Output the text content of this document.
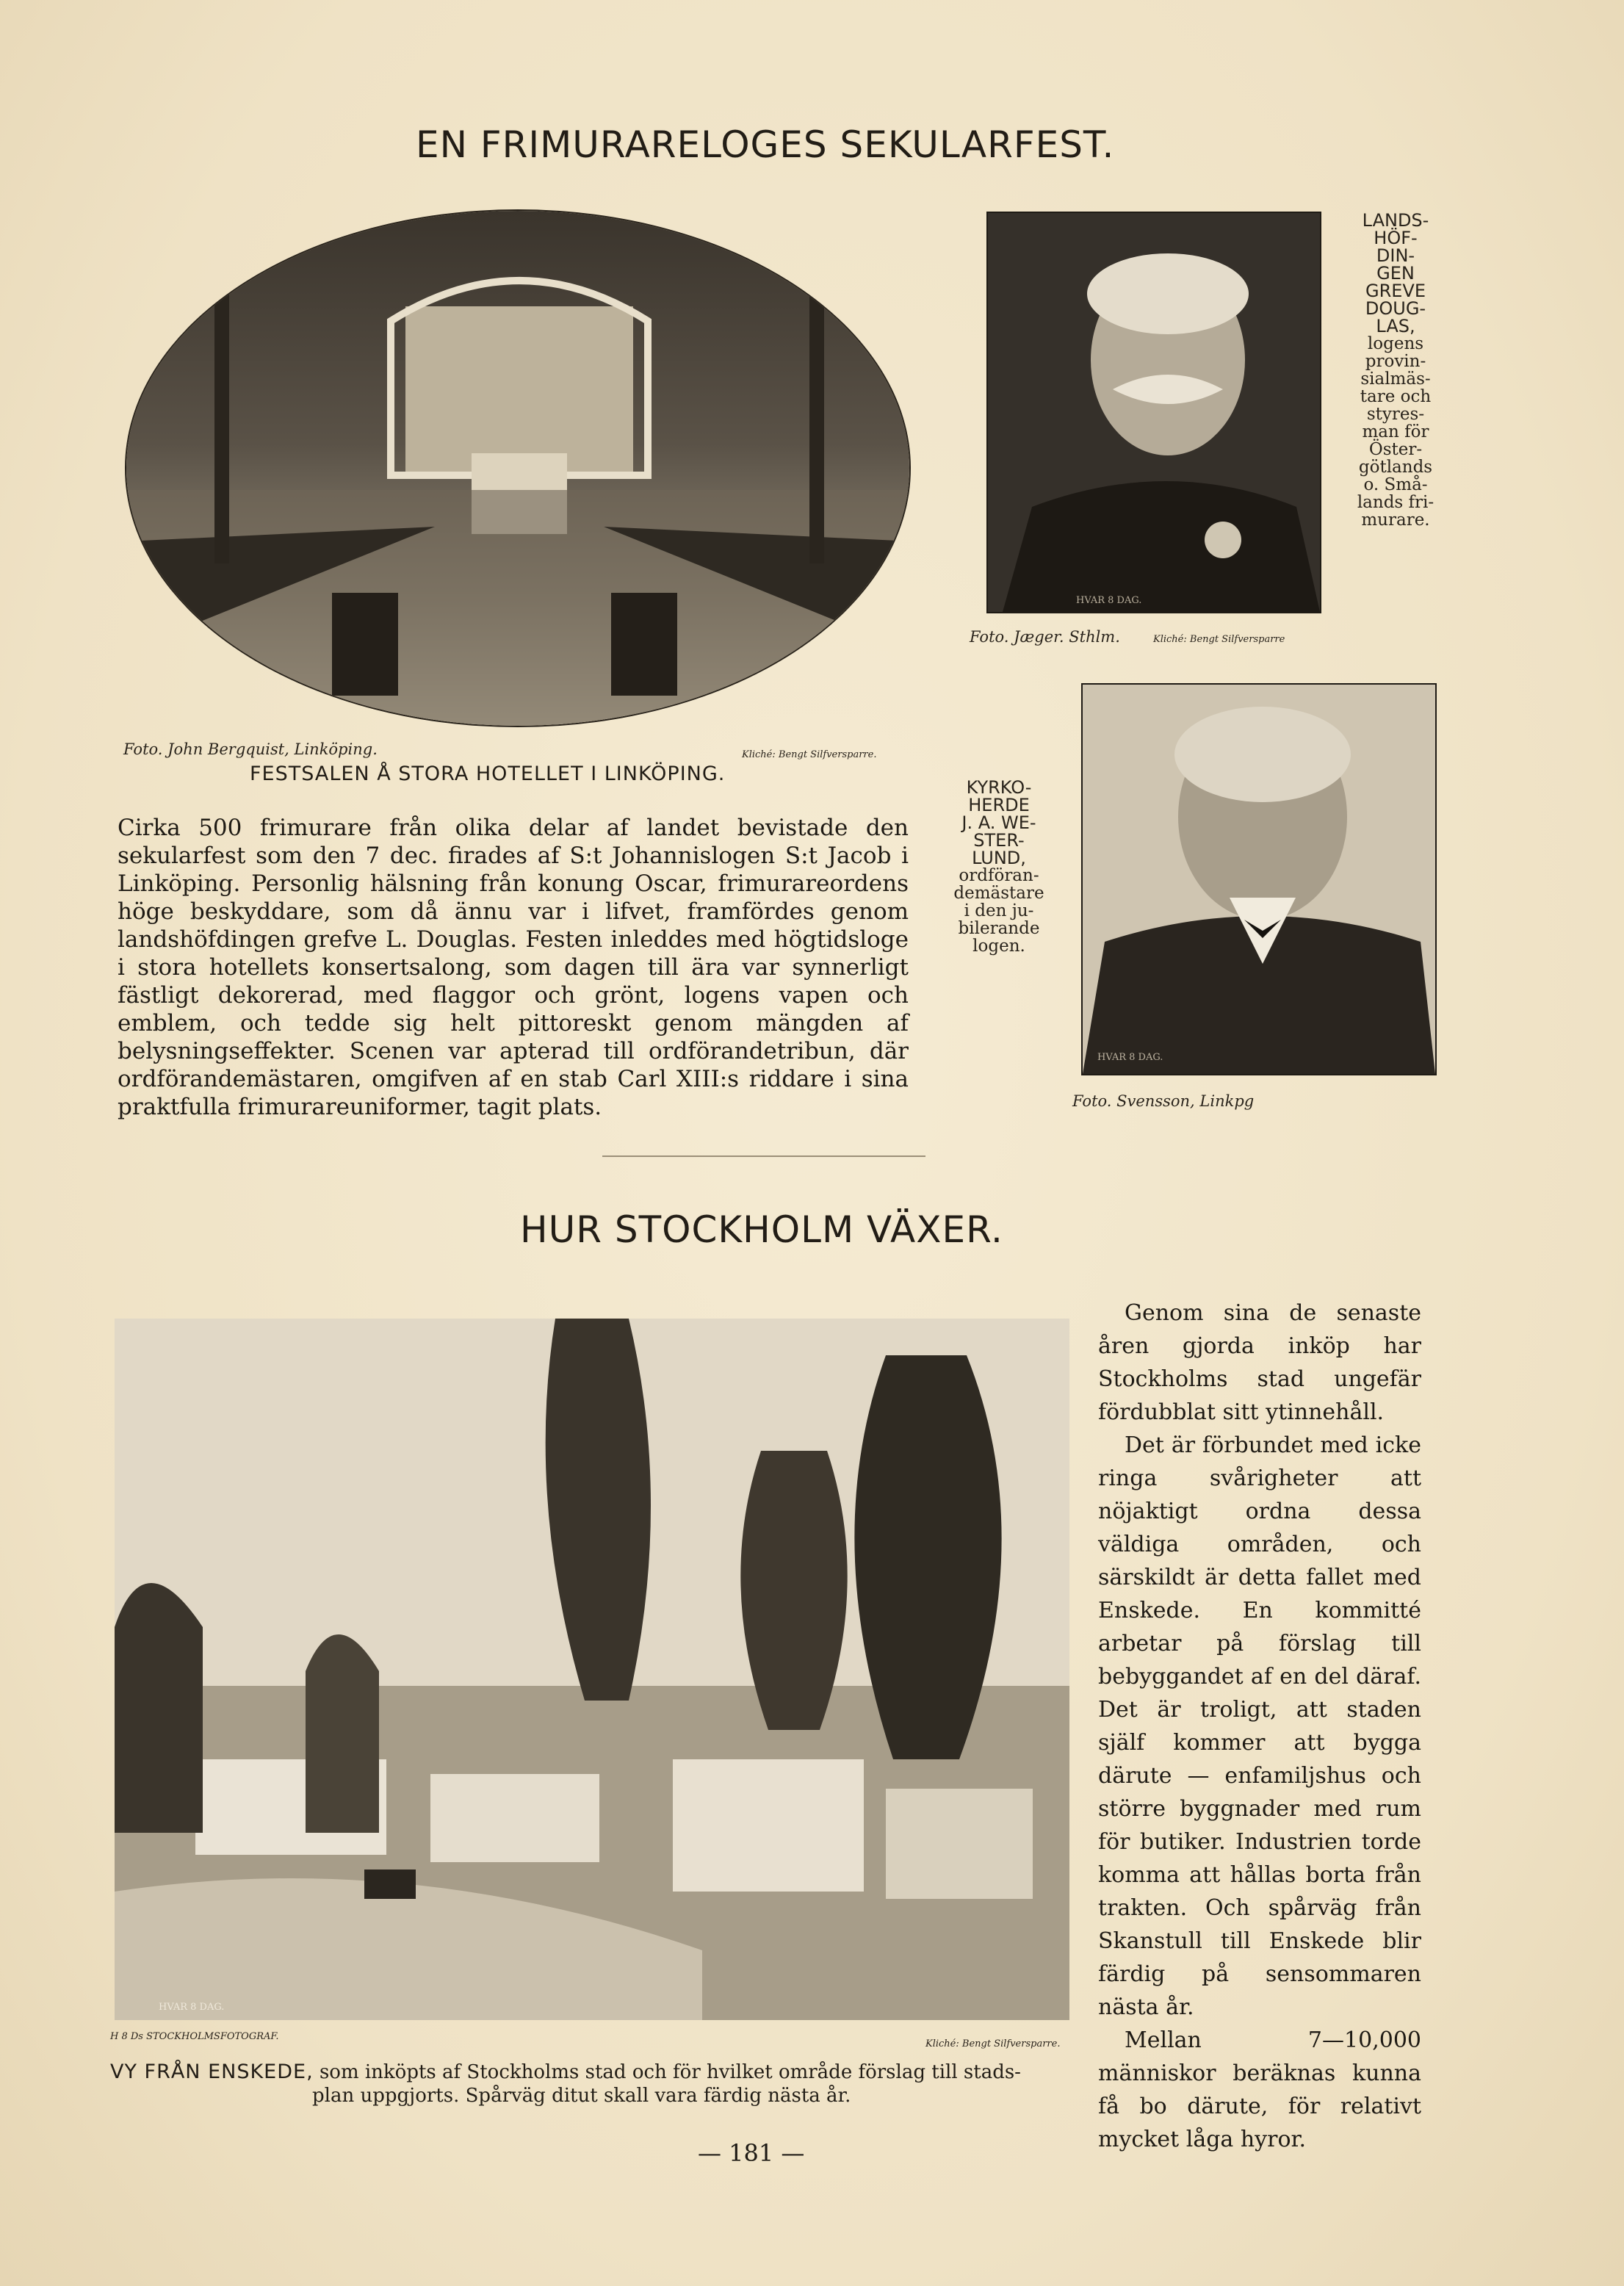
EN FRIMURARELOGES SEKULARFEST.
Foto. John Bergquist, Linköping.	Kliché: Bengt Silfversparre.
FESTSALEN Å STORA HOTELLET I LINKÖPING.
Cirka 500 frimurare från olika delar af landet bevistade den sekularfest som den 7 dec. firades af S:t Johannislogen S:t Jacob i Linköping. Personlig hälsning från konung Oscar, frimurareordens höge beskyddare, som då ännu var i lifvet, framfördes genom landshöfdingen grefve L. Douglas. Festen inleddes med högtidsloge i stora hotellets konsertsalong, som dagen till ära var synnerligt fästligt dekorerad, med flaggor och grönt, logens vapen och emblem, och tedde sig helt pittoreskt genom mängden af belysningseffekter. Scenen var apterad till ordförandetribun, där ordförandemästaren, omgifven af en stab Carl XIII:s riddare i sina praktfulla frimurareuniformer, tagit plats.
HVAR 8 DAG.
LANDS-
HÖF-
DIN-
GEN
GREVE
DOUG-
LAS,
logens
provin-
sialmäs-
tare och
styres-
man för
Öster-
götlands
o. Små-
lands fri-
murare.
Foto. Jæger. Sthlm.	Kliché: Bengt Silfversparre
KYRKO-
HERDE
J. A. WE-
STER-
LUND,
ordföran-
demästare
i den ju-
bilerande
logen.
HVAR 8 DAG.
Foto. Svensson, Linkpg
HUR STOCKHOLM VÄXER.
HVAR 8 DAG.
H 8 Ds STOCKHOLMSFOTOGRAF.
Kliché: Bengt Silfversparre.
VY FRÅN ENSKEDE, som inköpts af Stockholms stad och för hvilket område förslag till stads-
plan uppgjorts. Spårväg ditut skall vara färdig nästa år.

Genom sina de senaste åren gjorda inköp har Stockholms stad ungefär fördubblat sitt ytinnehåll.

Det är förbundet med icke ringa svårigheter att nöjaktigt ordna dessa väldiga områden, och särskildt är detta fallet med Enskede. En kommitté arbetar på förslag till bebyggandet af en del däraf. Det är troligt, att staden själf kommer att bygga därute — enfamiljshus och större byggnader med rum för butiker. Industrien torde komma att hållas borta från trakten. Och spårväg från Skanstull till Enskede blir färdig på sensommaren nästa år.

Mellan 7—10,000 människor beräknas kunna få bo därute, för relativt mycket låga hyror.

— 181 —
